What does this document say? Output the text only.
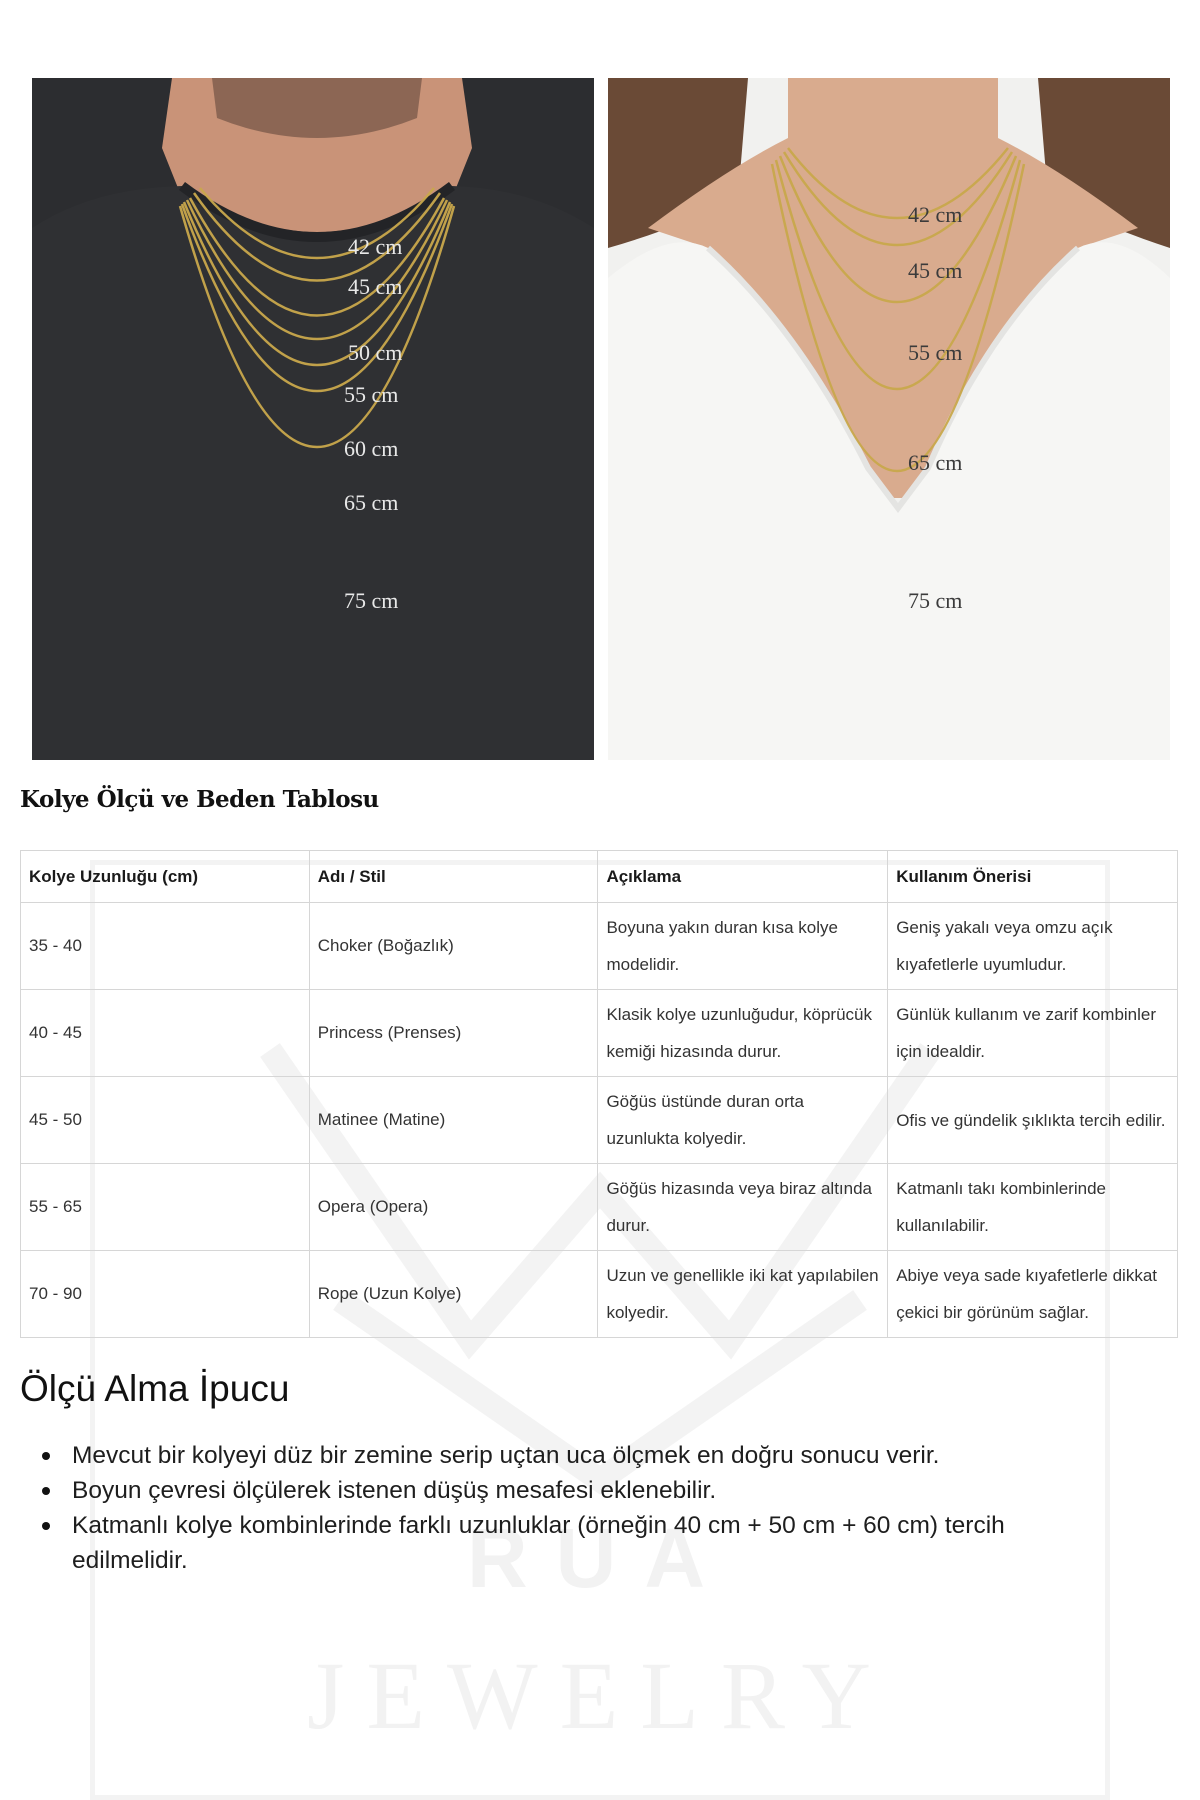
RUA
JEWELRY
42 cm
45 cm
50 cm
55 cm
60 cm
65 cm
75 cm
42 cm
45 cm
55 cm
65 cm
75 cm
Kolye Ölçü ve Beden Tablosu
Kolye Uzunluğu (cm)	Adı / Stil	Açıklama	Kullanım Önerisi
35 - 40	Choker (Boğazlık)	Boyuna yakın duran kısa kolye modelidir.	Geniş yakalı veya omzu açık kıyafetlerle uyumludur.
40 - 45	Princess (Prenses)	Klasik kolye uzunluğudur, köprücük kemiği hizasında durur.	Günlük kullanım ve zarif kombinler için idealdir.
45 - 50	Matinee (Matine)	Göğüs üstünde duran orta uzunlukta kolyedir.	Ofis ve gündelik şıklıkta tercih edilir.
55 - 65	Opera (Opera)	Göğüs hizasında veya biraz altında durur.	Katmanlı takı kombinlerinde kullanılabilir.
70 - 90	Rope (Uzun Kolye)	Uzun ve genellikle iki kat yapılabilen kolyedir.	Abiye veya sade kıyafetlerle dikkat çekici bir görünüm sağlar.
Ölçü Alma İpucu
Mevcut bir kolyeyi düz bir zemine serip uçtan uca ölçmek en doğru sonucu verir.
Boyun çevresi ölçülerek istenen düşüş mesafesi eklenebilir.
Katmanlı kolye kombinlerinde farklı uzunluklar (örneğin 40 cm + 50 cm + 60 cm) tercih edilmelidir.
